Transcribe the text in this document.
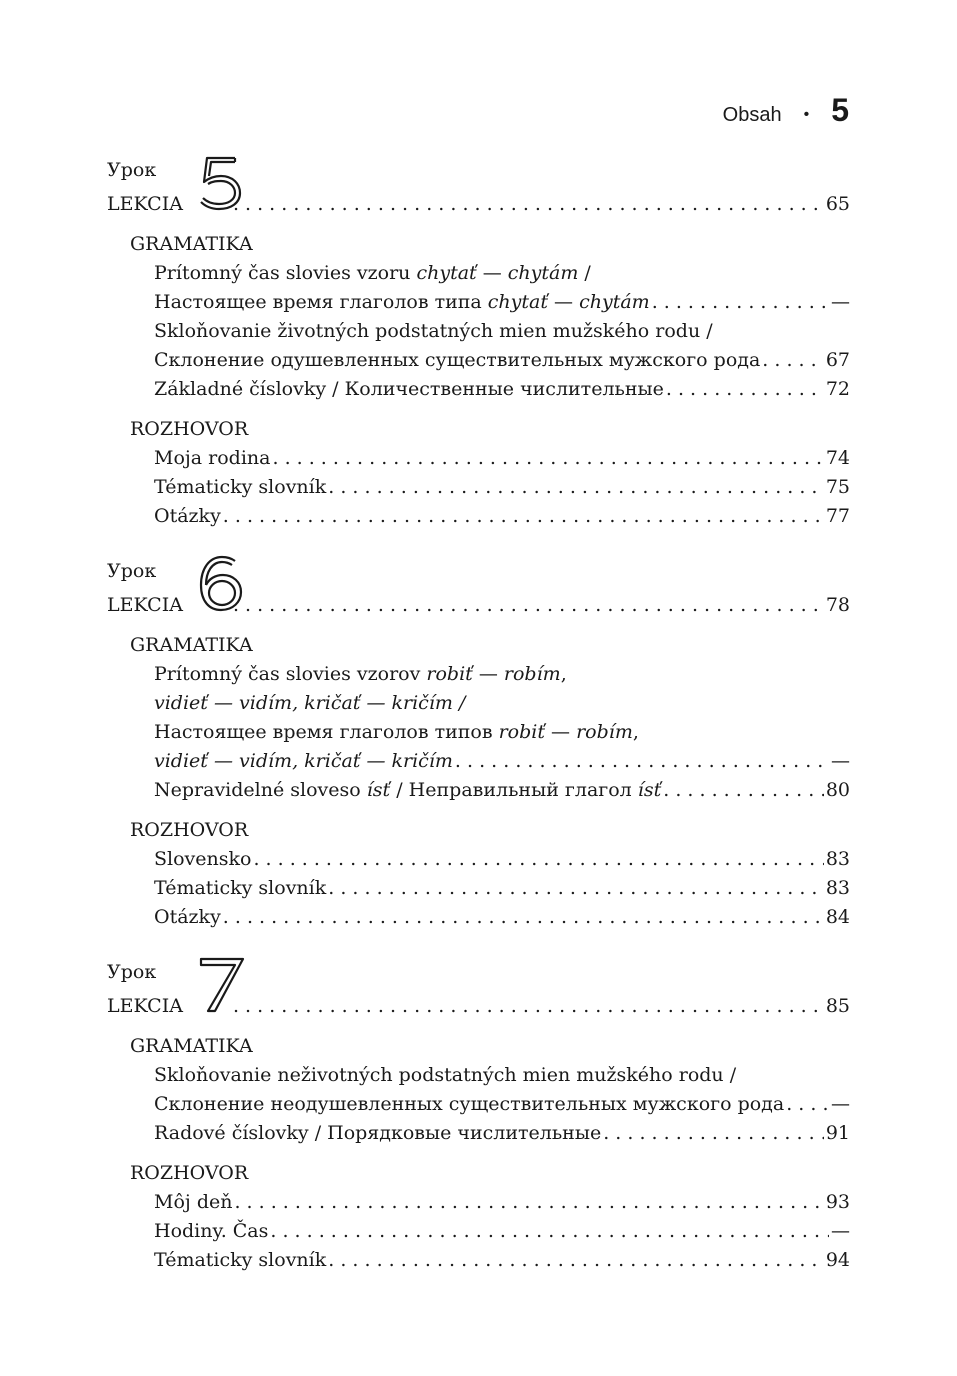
Obsah • 5
Урок
LEKCIA . . .	65
GRAMATIKA
Prítomný čas slovies vzoru chytať — chytám /
Настоящее время глаголов типа chytať — chytám . . .	—
Skloňovanie životných podstatných mien mužského rodu /
Склонение одушевленных существительных мужского рода . . .	67
Základné číslovky / Количественные числительные . . .	72
ROZHOVOR
Moja rodina . . .	74
Tématicky slovník . . .	75
Otázky . . .	77
Урок
LEKCIA . . .	78
GRAMATIKA
Prítomný čas slovies vzorov robiť — robím,
vidieť — vidím, kričať — kričím /
Настоящее время глаголов типов robiť — robím,
vidieť — vidím, kričať — kričím . . .	—
Nepravidelné sloveso ísť / Неправильный глагол ísť . . .	80
ROZHOVOR
Slovensko . . .	83
Tématicky slovník . . .	83
Otázky . . .	84
Урок
LEKCIA . . .	85
GRAMATIKA
Skloňovanie neživotných podstatných mien mužského rodu /
Склонение неодушевленных существительных мужского рода . . . —
Radové číslovky / Порядковые числительные . . .	91
ROZHOVOR
Môj deň . . .	93
Hodiny. Čas . . .	—
Tématicky slovník . . .	94
